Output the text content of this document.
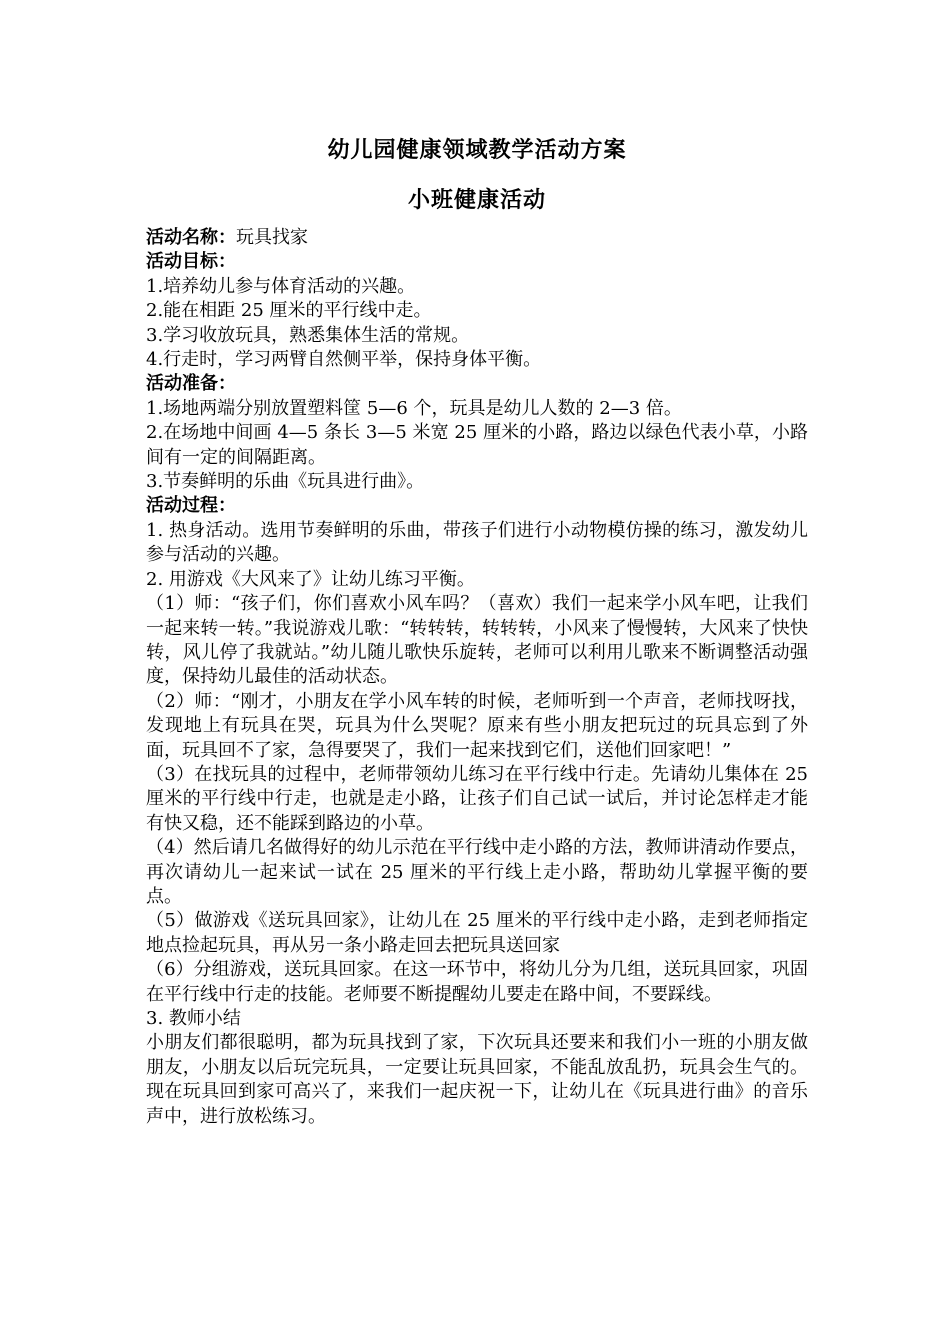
幼儿园健康领域教学活动方案

小班健康活动

活动名称：玩具找家

活动目标：

1.培养幼儿参与体育活动的兴趣。

2.能在相距 25 厘米的平行线中走。

3.学习收放玩具，熟悉集体生活的常规。

4.行走时，学习两臂自然侧平举，保持身体平衡。

活动准备：

1.场地两端分别放置塑料筐 5—6 个，玩具是幼儿人数的 2—3 倍。

2.在场地中间画 4—5 条长 3—5 米宽 25 厘米的小路，路边以绿色代表小草，小路间有一定的间隔距离。

3.节奏鲜明的乐曲《玩具进行曲》。

活动过程：

1. 热身活动。选用节奏鲜明的乐曲，带孩子们进行小动物模仿操的练习，激发幼儿参与活动的兴趣。

2. 用游戏《大风来了》让幼儿练习平衡。

（1）师：“孩子们，你们喜欢小风车吗？（喜欢）我们一起来学小风车吧，让我们一起来转一转。”我说游戏儿歌：“转转转，转转转，小风来了慢慢转，大风来了快快转，风儿停了我就站。”幼儿随儿歌快乐旋转，老师可以利用儿歌来不断调整活动强度，保持幼儿最佳的活动状态。

（2）师：“刚才，小朋友在学小风车转的时候，老师听到一个声音，老师找呀找，发现地上有玩具在哭，玩具为什么哭呢？原来有些小朋友把玩过的玩具忘到了外面，玩具回不了家，急得要哭了，我们一起来找到它们，送他们回家吧！”

（3）在找玩具的过程中，老师带领幼儿练习在平行线中行走。先请幼儿集体在 25 厘米的平行线中行走，也就是走小路，让孩子们自己试一试后，并讨论怎样走才能有快又稳，还不能踩到路边的小草。

（4）然后请几名做得好的幼儿示范在平行线中走小路的方法，教师讲清动作要点，再次请幼儿一起来试一试在 25 厘米的平行线上走小路，帮助幼儿掌握平衡的要点。

（5）做游戏《送玩具回家》，让幼儿在 25 厘米的平行线中走小路，走到老师指定地点捡起玩具，再从另一条小路走回去把玩具送回家

（6）分组游戏，送玩具回家。在这一环节中，将幼儿分为几组，送玩具回家，巩固在平行线中行走的技能。老师要不断提醒幼儿要走在路中间，不要踩线。

3. 教师小结

小朋友们都很聪明，都为玩具找到了家，下次玩具还要来和我们小一班的小朋友做朋友，小朋友以后玩完玩具，一定要让玩具回家，不能乱放乱扔，玩具会生气的。现在玩具回到家可高兴了，来我们一起庆祝一下，让幼儿在《玩具进行曲》的音乐声中，进行放松练习。
